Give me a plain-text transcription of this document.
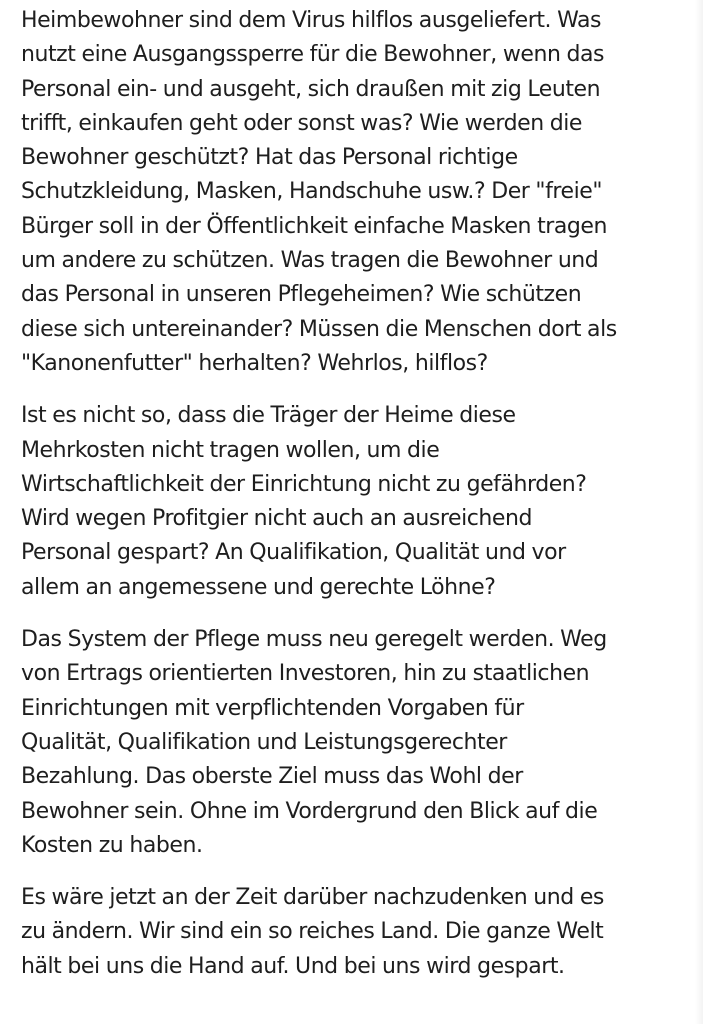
Heimbewohner sind dem Virus hilflos ausgeliefert. Was
nutzt eine Ausgangssperre für die Bewohner, wenn das
Personal ein- und ausgeht, sich draußen mit zig Leuten
trifft, einkaufen geht oder sonst was? Wie werden die
Bewohner geschützt? Hat das Personal richtige
Schutzkleidung, Masken, Handschuhe usw.? Der "freie"
Bürger soll in der Öffentlichkeit einfache Masken tragen
um andere zu schützen. Was tragen die Bewohner und
das Personal in unseren Pflegeheimen? Wie schützen
diese sich untereinander? Müssen die Menschen dort als
"Kanonenfutter" herhalten? Wehrlos, hilflos?

Ist es nicht so, dass die Träger der Heime diese
Mehrkosten nicht tragen wollen, um die
Wirtschaftlichkeit der Einrichtung nicht zu gefährden?
Wird wegen Profitgier nicht auch an ausreichend
Personal gespart? An Qualifikation, Qualität und vor
allem an angemessene und gerechte Löhne?

Das System der Pflege muss neu geregelt werden. Weg
von Ertrags orientierten Investoren, hin zu staatlichen
Einrichtungen mit verpflichtenden Vorgaben für
Qualität, Qualifikation und Leistungsgerechter
Bezahlung. Das oberste Ziel muss das Wohl der
Bewohner sein. Ohne im Vordergrund den Blick auf die
Kosten zu haben.

Es wäre jetzt an der Zeit darüber nachzudenken und es
zu ändern. Wir sind ein so reiches Land. Die ganze Welt
hält bei uns die Hand auf. Und bei uns wird gespart.
